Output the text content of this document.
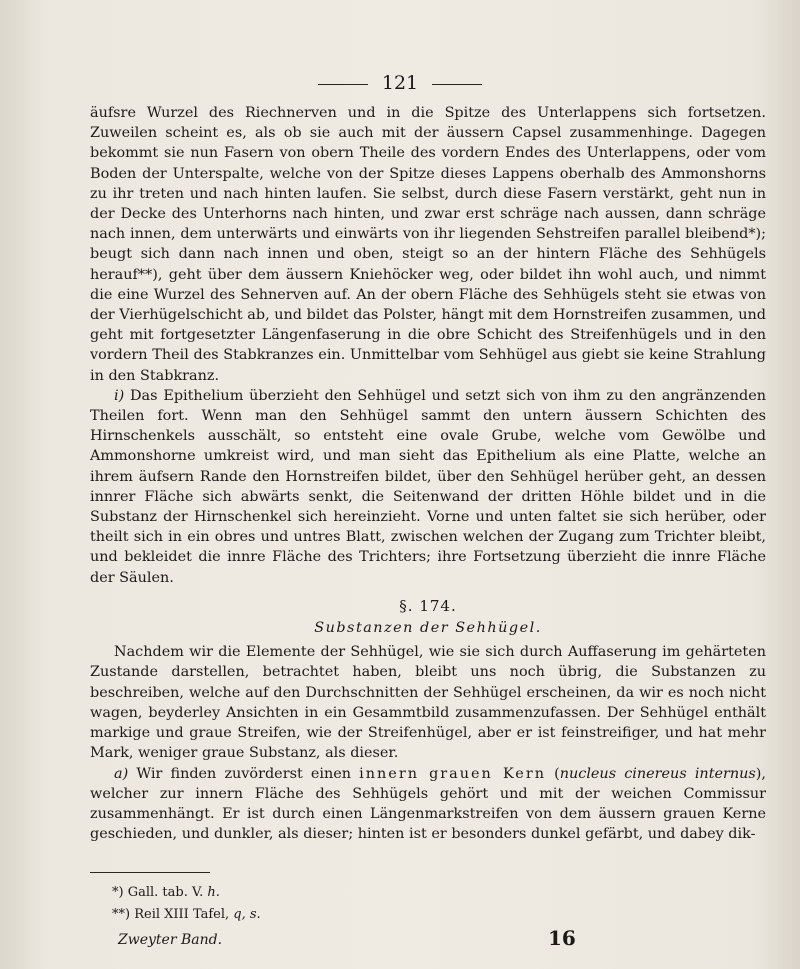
121

äufsre Wurzel des Riechnerven und in die Spitze des Unterlappens sich fortsetzen. Zuweilen scheint es, als ob sie auch mit der äussern Capsel zusammenhinge. Dagegen bekommt sie nun Fasern von obern Theile des vordern Endes des Unterlappens, oder vom Boden der Unterspalte, welche von der Spitze dieses Lappens oberhalb des Ammonshorns zu ihr treten und nach hinten laufen. Sie selbst, durch diese Fasern verstärkt, geht nun in der Decke des Unterhorns nach hinten, und zwar erst schräge nach aussen, dann schräge nach innen, dem unterwärts und einwärts von ihr liegenden Sehstreifen parallel bleibend*); beugt sich dann nach innen und oben, steigt so an der hintern Fläche des Sehhügels herauf**), geht über dem äussern Kniehöcker weg, oder bildet ihn wohl auch, und nimmt die eine Wurzel des Sehnerven auf. An der obern Fläche des Sehhügels steht sie etwas von der Vierhügelschicht ab, und bildet das Polster, hängt mit dem Hornstreifen zusammen, und geht mit fortgesetzter Längenfaserung in die obre Schicht des Streifenhügels und in den vordern Theil des Stabkranzes ein. Unmittelbar vom Sehhügel aus giebt sie keine Strahlung in den Stabkranz.

i) Das Epithelium überzieht den Sehhügel und setzt sich von ihm zu den angränzenden Theilen fort. Wenn man den Sehhügel sammt den untern äussern Schichten des Hirnschenkels ausschält, so entsteht eine ovale Grube, welche vom Gewölbe und Ammonshorne umkreist wird, und man sieht das Epithelium als eine Platte, welche an ihrem äufsern Rande den Hornstreifen bildet, über den Sehhügel herüber geht, an dessen innrer Fläche sich abwärts senkt, die Seitenwand der dritten Höhle bildet und in die Substanz der Hirnschenkel sich hereinzieht. Vorne und unten faltet sie sich herüber, oder theilt sich in ein obres und untres Blatt, zwischen welchen der Zugang zum Trichter bleibt, und bekleidet die innre Fläche des Trichters; ihre Fortsetzung überzieht die innre Fläche der Säulen.

§. 174.
Substanzen der Sehhügel.

Nachdem wir die Elemente der Sehhügel, wie sie sich durch Auffaserung im gehärteten Zustande darstellen, betrachtet haben, bleibt uns noch übrig, die Substanzen zu beschreiben, welche auf den Durchschnitten der Sehhügel erscheinen, da wir es noch nicht wagen, beyderley Ansichten in ein Gesammtbild zusammenzufassen. Der Sehhügel enthält markige und graue Streifen, wie der Streifenhügel, aber er ist feinstreifiger, und hat mehr Mark, weniger graue Substanz, als dieser.

a) Wir finden zuvörderst einen innern grauen Kern (nucleus cinereus internus), welcher zur innern Fläche des Sehhügels gehört und mit der weichen Commissur zusammenhängt. Er ist durch einen Längenmarkstreifen von dem äussern grauen Kerne geschieden, und dunkler, als dieser; hinten ist er besonders dunkel gefärbt, und dabey dik-

*) Gall. tab. V. h.
**) Reil XIII Tafel, q, s.
Zweyter Band.	16
